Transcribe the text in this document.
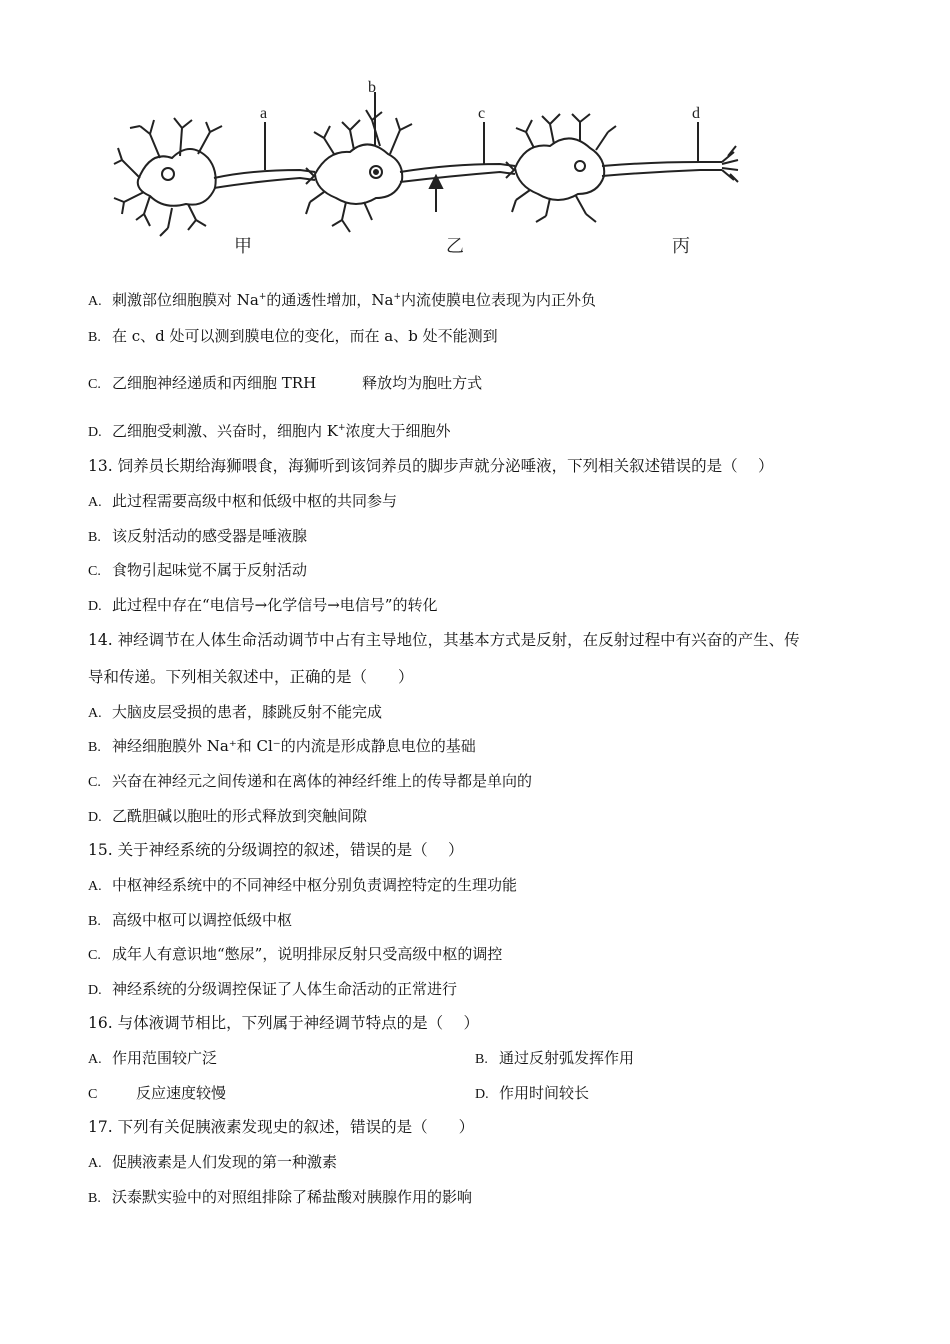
a
b
c	d
甲	乙	丙
A. 刺激部位细胞膜对 Na+的通透性增加，Na+内流使膜电位表现为内正外负
B. 在 c、d 处可以测到膜电位的变化，而在 a、b 处不能测到
C. 乙细胞神经递质和丙细胞 TRH	释放均为胞吐方式
D. 乙细胞受刺激、兴奋时，细胞内 K+浓度大于细胞外
13. 饲养员长期给海狮喂食，海狮听到该饲养员的脚步声就分泌唾液，下列相关叙述错误的是（　 ）
A. 此过程需要高级中枢和低级中枢的共同参与
B. 该反射活动的感受器是唾液腺
C. 食物引起味觉不属于反射活动
D. 此过程中存在“电信号→化学信号→电信号”的转化
14. 神经调节在人体生命活动调节中占有主导地位，其基本方式是反射，在反射过程中有兴奋的产生、传
导和传递。下列相关叙述中，正确的是（　　）
A. 大脑皮层受损的患者，膝跳反射不能完成
B. 神经细胞膜外 Na⁺和 Cl⁻的内流是形成静息电位的基础
C. 兴奋在神经元之间传递和在离体的神经纤维上的传导都是单向的
D. 乙酰胆碱以胞吐的形式释放到突触间隙
15. 关于神经系统的分级调控的叙述，错误的是（　 ）
A. 中枢神经系统中的不同神经中枢分别负责调控特定的生理功能
B. 高级中枢可以调控低级中枢
C. 成年人有意识地“憋尿”，说明排尿反射只受高级中枢的调控
D. 神经系统的分级调控保证了人体生命活动的正常进行
16. 与体液调节相比，下列属于神经调节特点的是（　 ）
A. 作用范围较广泛	B. 通过反射弧发挥作用
C	反应速度较慢	D. 作用时间较长
17. 下列有关促胰液素发现史的叙述，错误的是（　　）
A. 促胰液素是人们发现的第一种激素
B. 沃泰默实验中的对照组排除了稀盐酸对胰腺作用的影响
